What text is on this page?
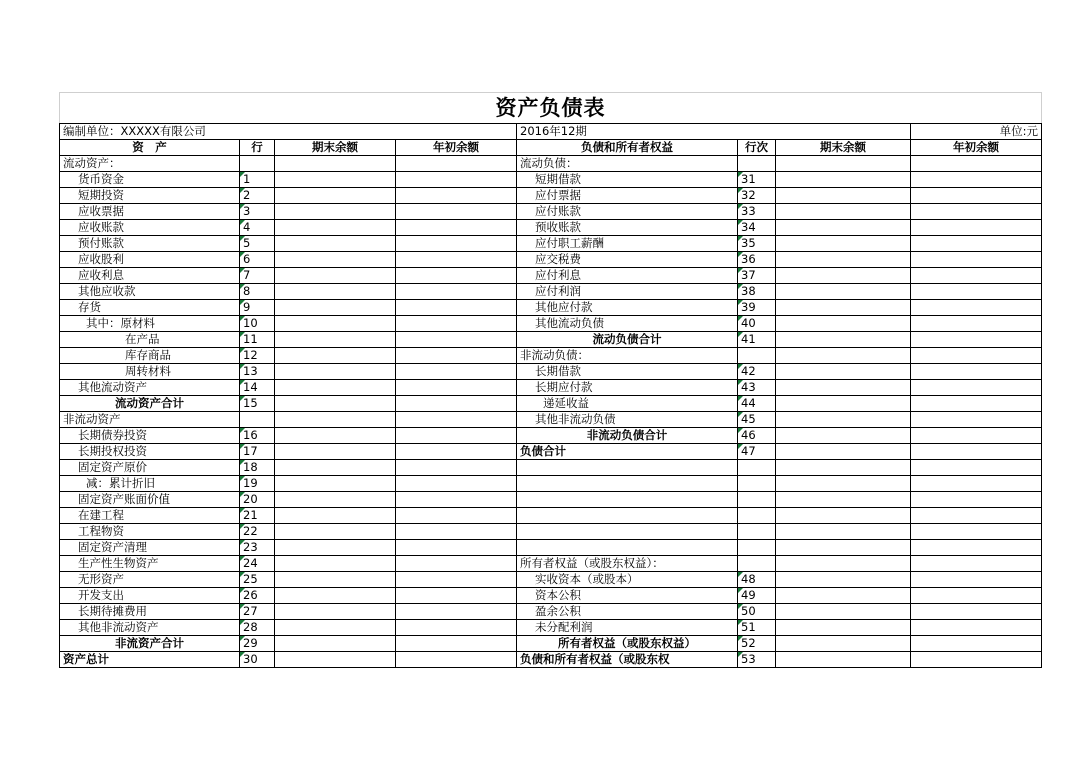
资产负债表							
编制单位：XXXXX有限公司				2016年12期			单位:元
资　产	行	期末余额	年初余额	负债和所有者权益	行次	期末余额	年初余额
流动资产：				流动负债：			
货币资金	1			短期借款	31		
短期投资	2			应付票据	32		
应收票据	3			应付账款	33		
应收账款	4			预收账款	34		
预付账款	5			应付职工薪酬	35		
应收股利	6			应交税费	36		
应收利息	7			应付利息	37		
其他应收款	8			应付利润	38		
存货	9			其他应付款	39		
其中：原材料	10			其他流动负债	40		
在产品	11			流动负债合计	41		
库存商品	12			非流动负债：			
周转材料	13			长期借款	42		
其他流动资产	14			长期应付款	43		
流动资产合计	15			递延收益	44		
非流动资产				其他非流动负债	45		
长期债券投资	16			非流动负债合计	46		
长期投权投资	17			负债合计	47		
固定资产原价	18						
减：累计折旧	19						
固定资产账面价值	20						
在建工程	21						
工程物资	22						
固定资产清理	23						
生产性生物资产	24			所有者权益（或股东权益）：			
无形资产	25			实收资本（或股本）	48		
开发支出	26			资本公积	49		
长期待摊费用	27			盈余公积	50		
其他非流动资产	28			未分配利润	51		
非流资产合计	29			所有者权益（或股东权益）	52		
资产总计	30			负债和所有者权益（或股东权	53		
